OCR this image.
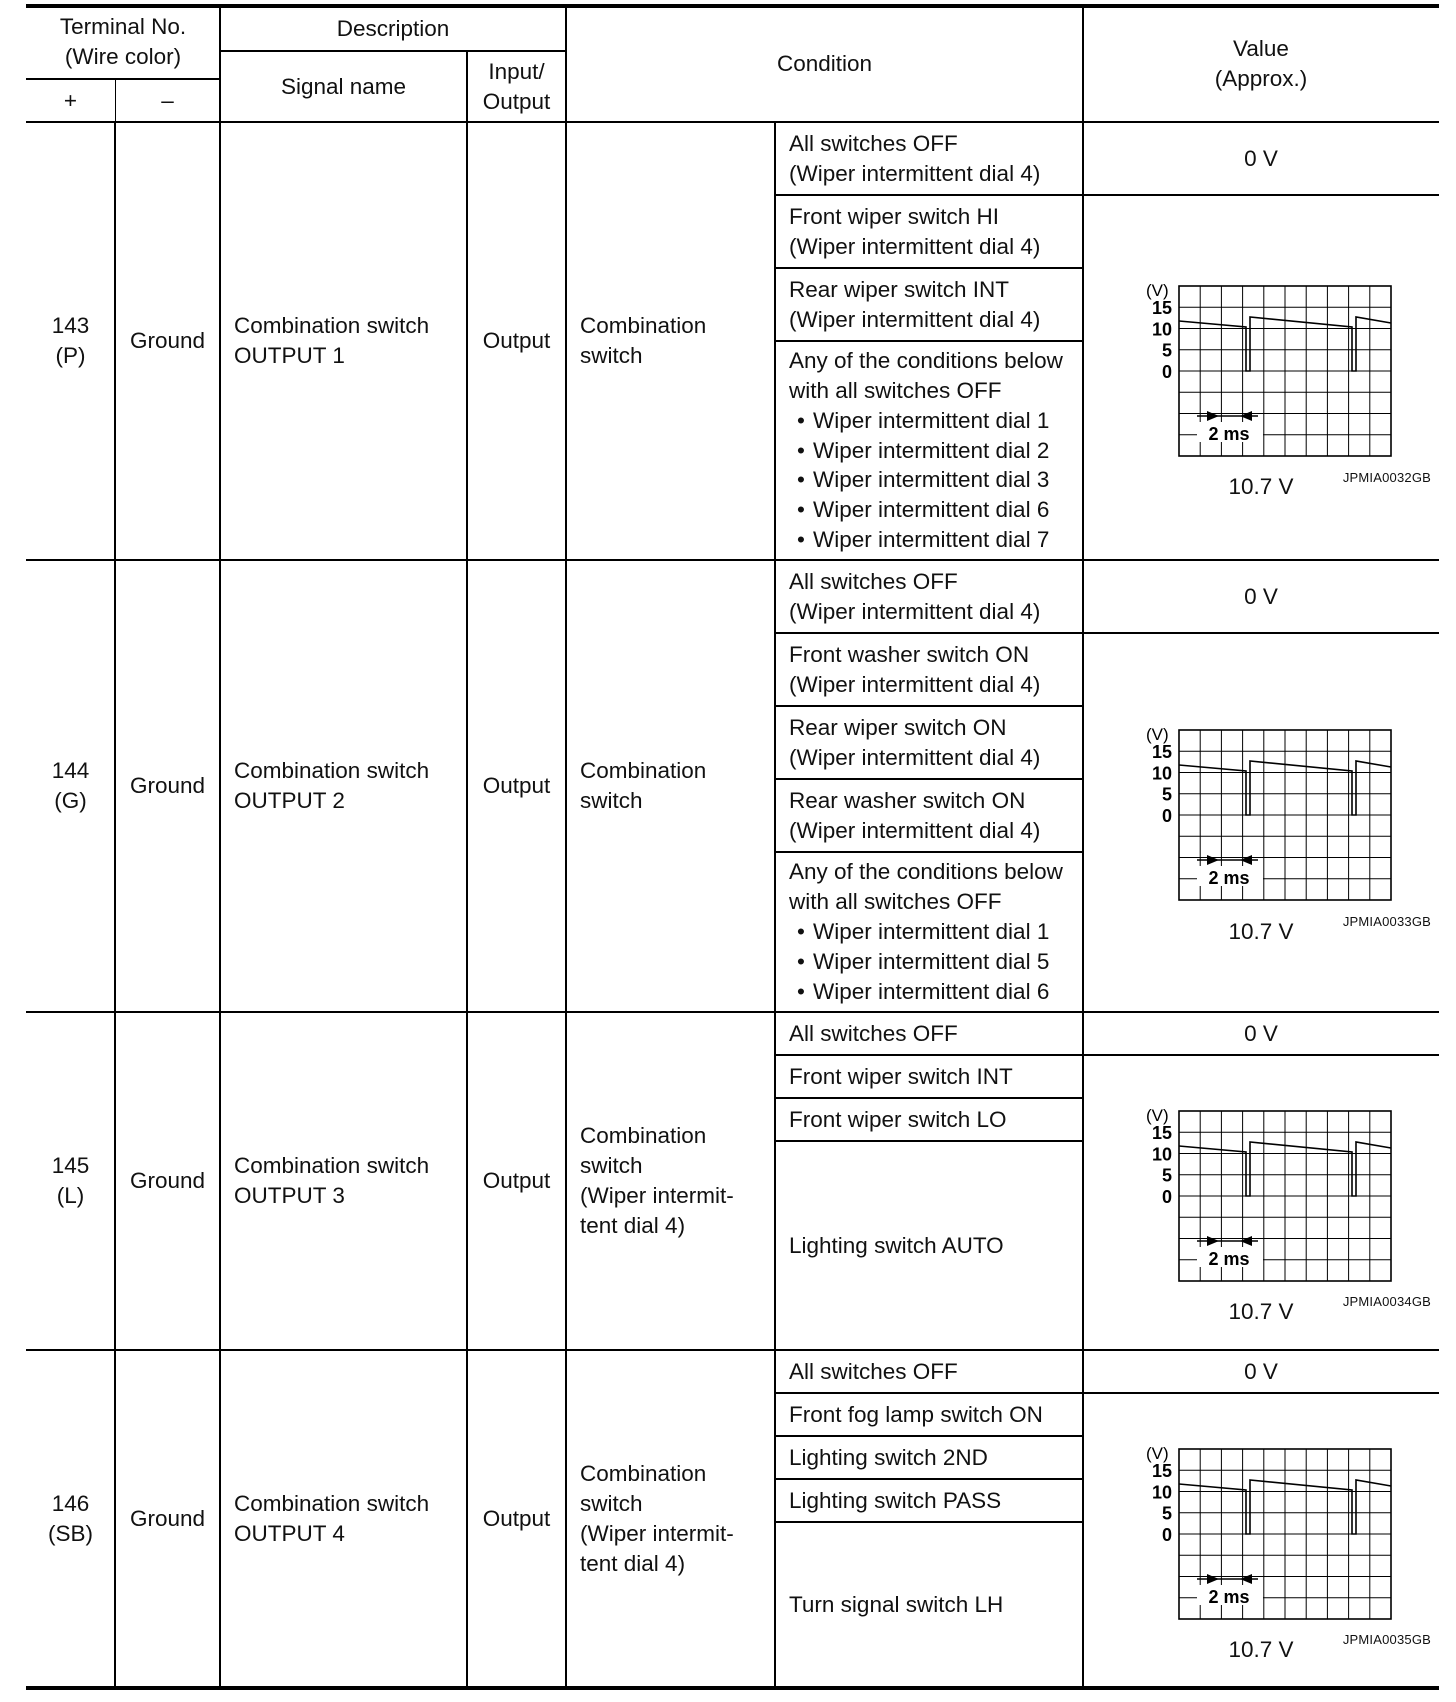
Terminal No.
(Wire color)
+	–
Description
Signal name
Input/
Output
Condition
Value
(Approx.)
143
(P)
Ground
Combination switch
OUTPUT 1
Output
Combination
switch
All switches OFF
(Wiper intermittent dial 4)
Front wiper switch HI
(Wiper intermittent dial 4)
Rear wiper switch INT
(Wiper intermittent dial 4)
Any of the conditions below
with all switches OFF
• Wiper intermittent dial 1
• Wiper intermittent dial 2
• Wiper intermittent dial 3
• Wiper intermittent dial 6
• Wiper intermittent dial 7
0 V
(V)
15
10
5
0
2 ms
JPMIA0032GB
10.7 V
144
(G)
Ground
Combination switch
OUTPUT 2
Output
Combination
switch
All switches OFF
(Wiper intermittent dial 4)
Front washer switch ON
(Wiper intermittent dial 4)
Rear wiper switch ON
(Wiper intermittent dial 4)
Rear washer switch ON
(Wiper intermittent dial 4)
Any of the conditions below
with all switches OFF
• Wiper intermittent dial 1
• Wiper intermittent dial 5
• Wiper intermittent dial 6
0 V
(V)
15
10
5
0
2 ms
JPMIA0033GB
10.7 V
145
(L)
Ground
Combination switch
OUTPUT 3
Output
Combination
switch
(Wiper intermit-
tent dial 4)
All switches OFF
Front wiper switch INT
Front wiper switch LO
Lighting switch AUTO
0 V
(V)
15
10
5
0
2 ms
JPMIA0034GB
10.7 V
146
(SB)
Ground
Combination switch
OUTPUT 4
Output
Combination
switch
(Wiper intermit-
tent dial 4)
All switches OFF
Front fog lamp switch ON
Lighting switch 2ND
Lighting switch PASS
Turn signal switch LH
0 V
(V)
15
10
5
0
2 ms
JPMIA0035GB
10.7 V
